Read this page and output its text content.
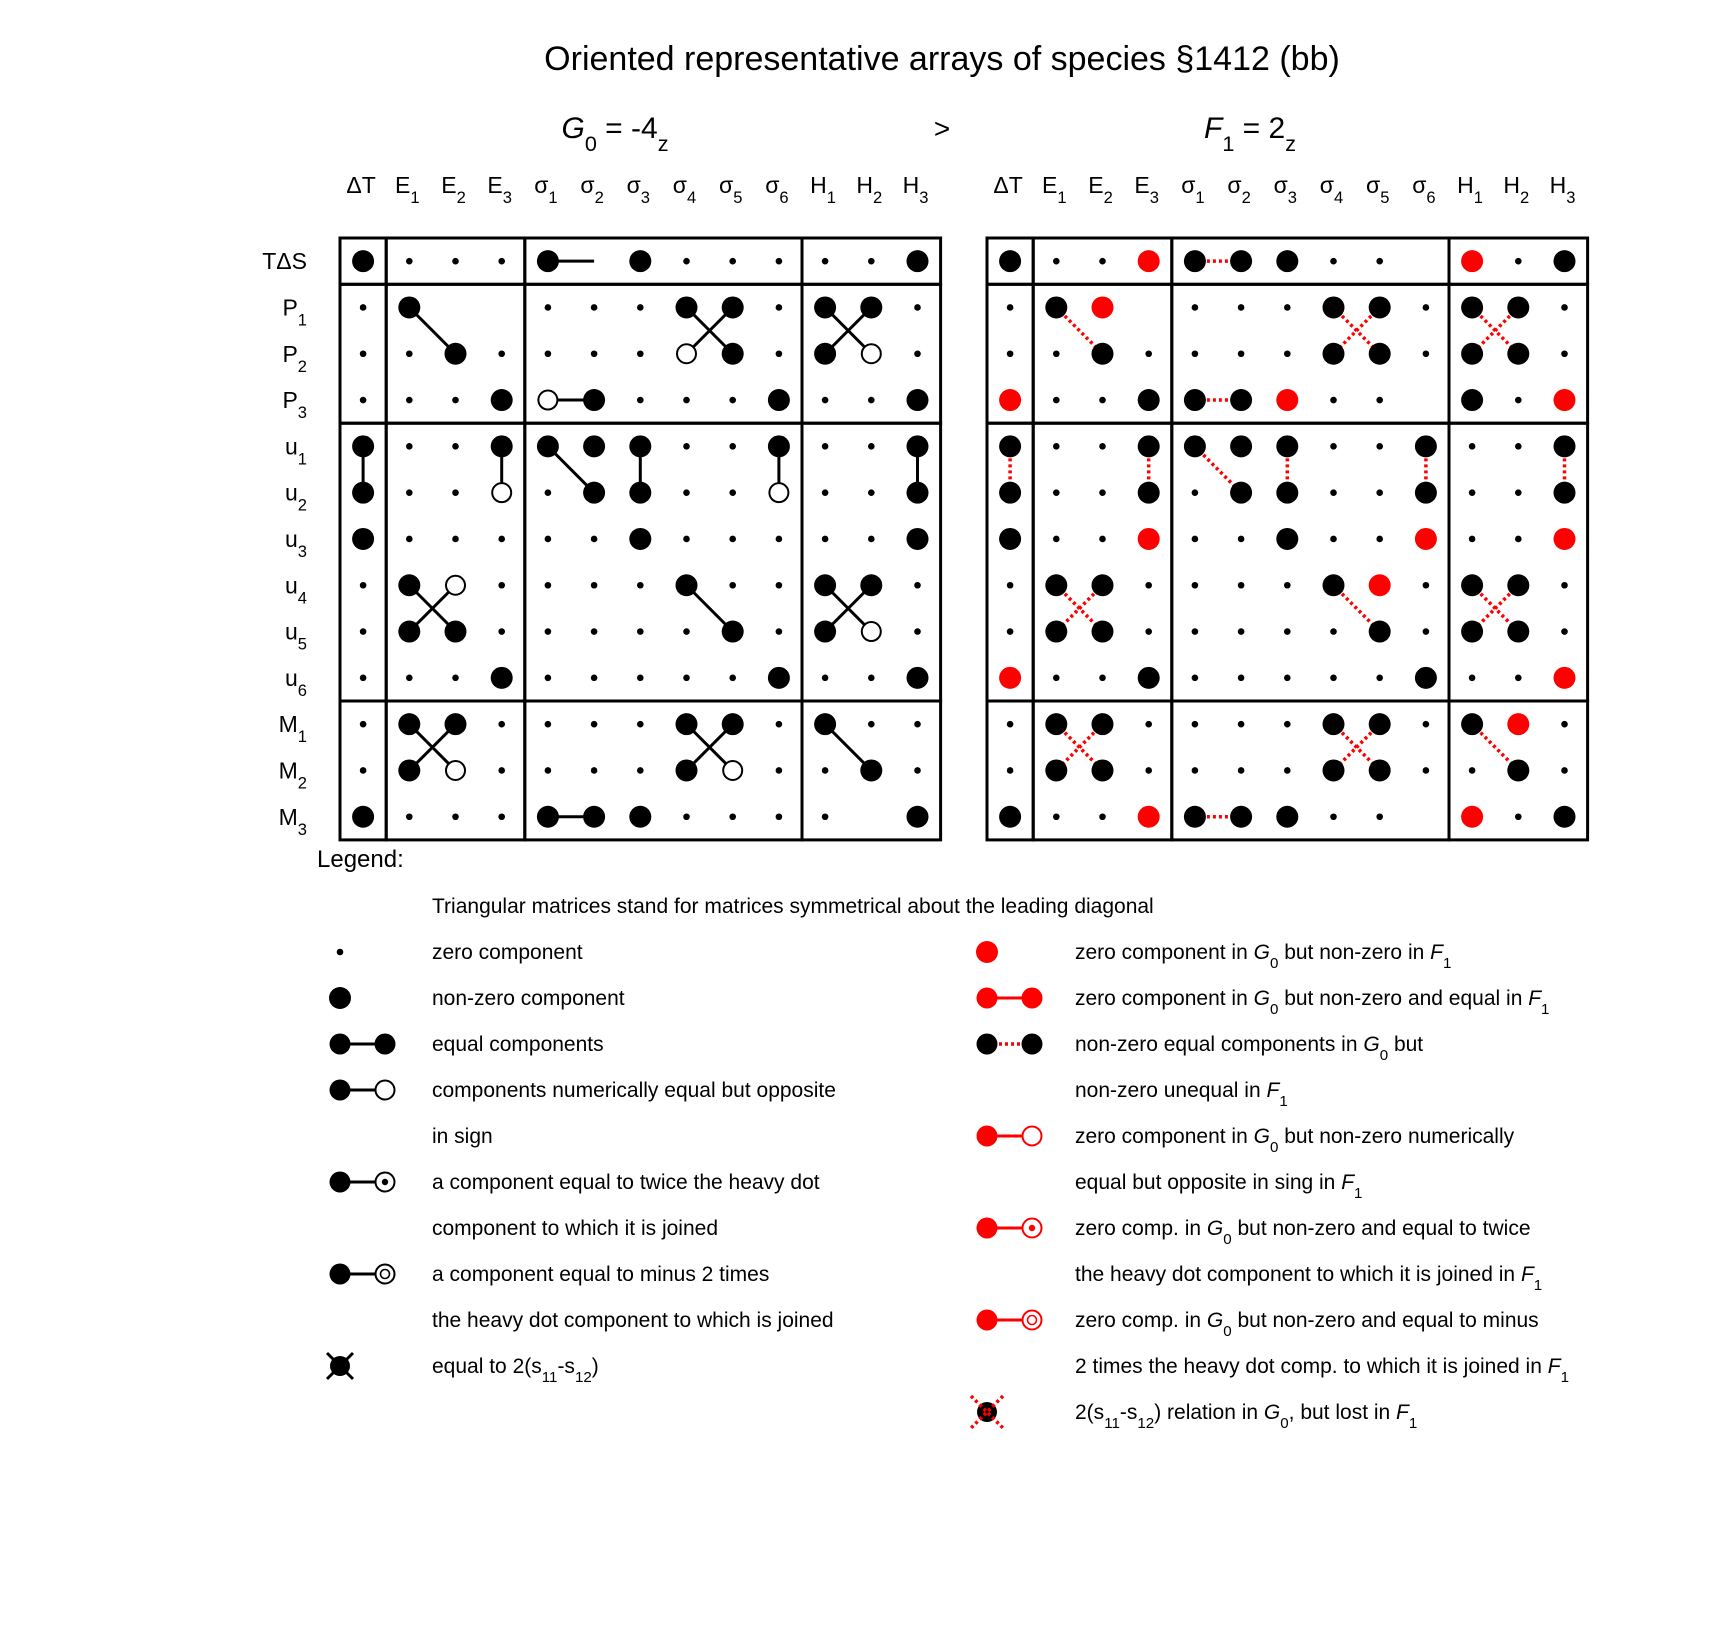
Oriented representative arrays of species §1412 (bb)
>
$G_0 = -4_z$
ΔT $E_1$ $E_2$ $E_3$ $\sigma_1$ $\sigma_2$ $\sigma_3$ $\sigma_4$ $\sigma_5$ $\sigma_6$ $H_1$ $H_2$ $H_3$
TΔS
$P_1$
$P_2$
$P_3$
$u_1$
$u_2$
$u_3$
$u_4$
$u_5$
$u_6$
$M_1$
$M_2$
$M_3$
$F_1 = 2_z$
ΔT $E_1$ $E_2$ $E_3$ $\sigma_1$ $\sigma_2$ $\sigma_3$ $\sigma_4$ $\sigma_5$ $\sigma_6$ $H_1$ $H_2$ $H_3$
Legend:
Triangular matrices stand for matrices symmetrical about the leading diagonal
zero component
non-zero component
equal components
components numerically equal but opposite
in sign
a component equal to twice the heavy dot
component to which it is joined
a component equal to minus 2 times
the heavy dot component to which is joined
equal to $2(s_{11}-s_{12})$
zero component in $G_0$ but non-zero in $F_1$
zero component in $G_0$ but non-zero and equal in $F_1$
non-zero equal components in $G_0$ but
non-zero unequal in $F_1$
zero component in $G_0$ but non-zero numerically
equal but opposite in sing in $F_1$
zero comp. in $G_0$ but non-zero and equal to twice
the heavy dot component to which it is joined in $F_1$
zero comp. in $G_0$ but non-zero and equal to minus
2 times the heavy dot comp. to which it is joined in $F_1$
$2(s_{11}-s_{12})$ relation in $G_0$, but lost in $F_1$
